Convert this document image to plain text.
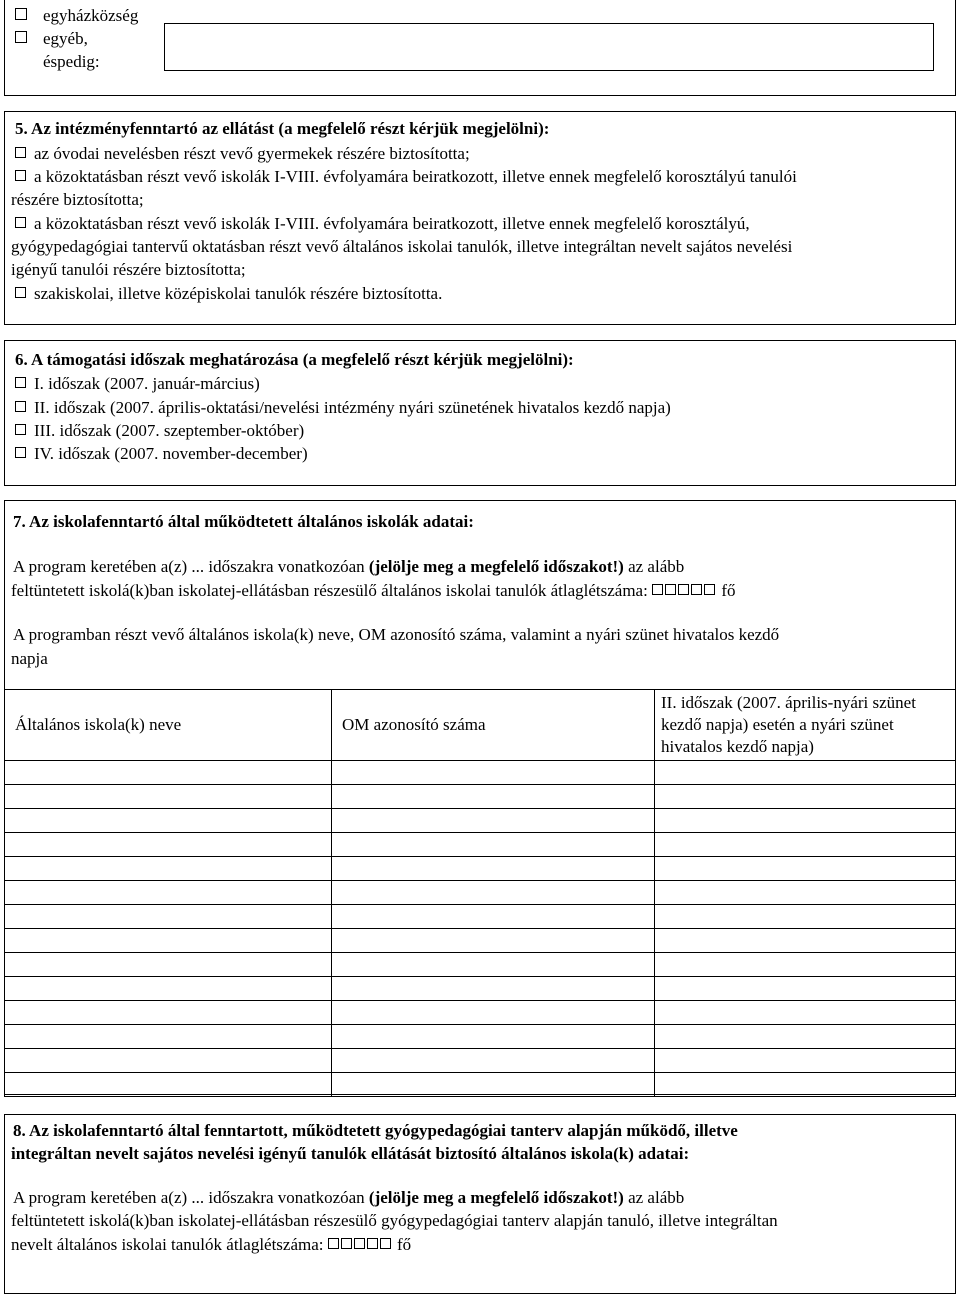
egyházközség
egyéb,
éspedig:
5. Az intézményfenntartó az ellátást (a megfelelő részt kérjük megjelölni):
az óvodai nevelésben részt vevő gyermekek részére biztosította;
a közoktatásban részt vevő iskolák I-VIII. évfolyamára beiratkozott, illetve ennek megfelelő korosztályú tanulói
részére biztosította;
a közoktatásban részt vevő iskolák I-VIII. évfolyamára beiratkozott, illetve ennek megfelelő korosztályú,
gyógypedagógiai tantervű oktatásban részt vevő általános iskolai tanulók, illetve integráltan nevelt sajátos nevelési
igényű tanulói részére biztosította;
szakiskolai, illetve középiskolai tanulók részére biztosította.
6. A támogatási időszak meghatározása (a megfelelő részt kérjük megjelölni):
I. időszak (2007. január-március)
II. időszak (2007. április-oktatási/nevelési intézmény nyári szünetének hivatalos kezdő napja)
III. időszak (2007. szeptember-október)
IV. időszak (2007. november-december)
7. Az iskolafenntartó által működtetett általános iskolák adatai:
A program keretében a(z) ... időszakra vonatkozóan (jelölje meg a megfelelő időszakot!) az alább
feltüntetett iskolá(k)ban iskolatej-ellátásban részesülő általános iskolai tanulók átlaglétszáma:	fő
A programban részt vevő általános iskola(k) neve, OM azonosító száma, valamint a nyári szünet hivatalos kezdő
napja
Általános iskola(k) neve	OM azonosító száma	II. időszak (2007. április-nyári szünet
kezdő napja) esetén a nyári szünet
hivatalos kezdő napja)

8. Az iskolafenntartó által fenntartott, működtetett gyógypedagógiai tanterv alapján működő, illetve
integráltan nevelt sajátos nevelési igényű tanulók ellátását biztosító általános iskola(k) adatai:
A program keretében a(z) ... időszakra vonatkozóan (jelölje meg a megfelelő időszakot!) az alább
feltüntetett iskolá(k)ban iskolatej-ellátásban részesülő gyógypedagógiai tanterv alapján tanuló, illetve integráltan
nevelt általános iskolai tanulók átlaglétszáma:	fő
